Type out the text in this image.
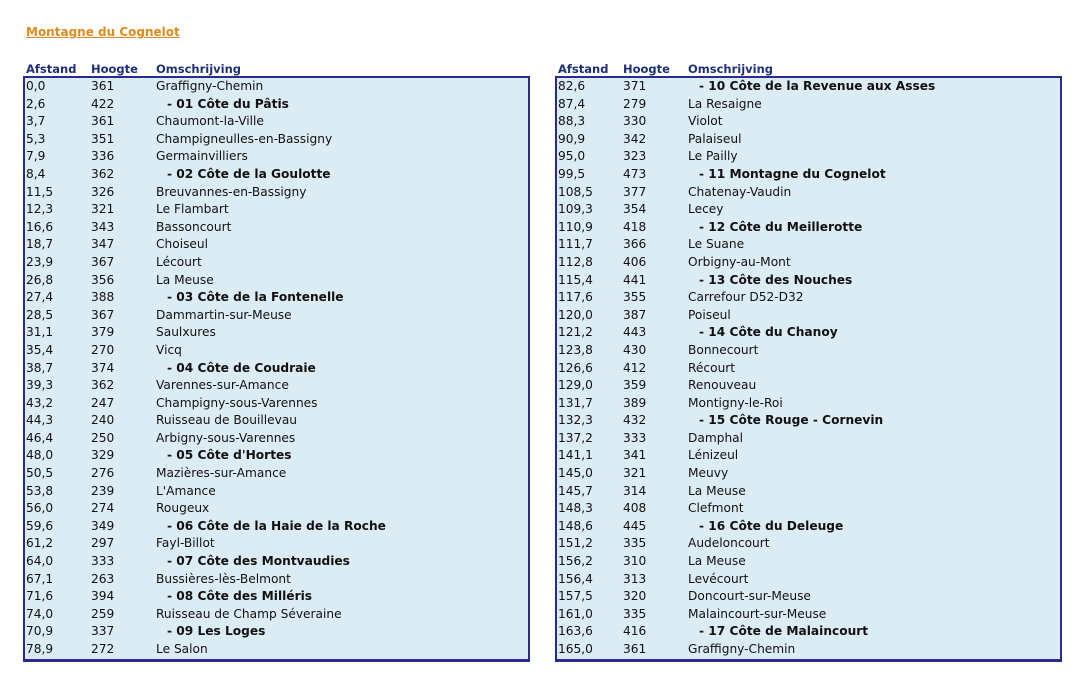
Montagne du Cognelot
Afstand Hoogte Omschrijving
0,0	361	Graffigny-Chemin
2,6	422	- 01 Côte du Pâtis
3,7	361	Chaumont-la-Ville
5,3	351	Champigneulles-en-Bassigny
7,9	336	Germainvilliers
8,4	362	- 02 Côte de la Goulotte
11,5	326	Breuvannes-en-Bassigny
12,3	321	Le Flambart
16,6	343	Bassoncourt
18,7	347	Choiseul
23,9	367	Lécourt
26,8	356	La Meuse
27,4	388	- 03 Côte de la Fontenelle
28,5	367	Dammartin-sur-Meuse
31,1	379	Saulxures
35,4	270	Vicq
38,7	374	- 04 Côte de Coudraie
39,3	362	Varennes-sur-Amance
43,2	247	Champigny-sous-Varennes
44,3	240	Ruisseau de Bouillevau
46,4	250	Arbigny-sous-Varennes
48,0	329	- 05 Côte d'Hortes
50,5	276	Mazières-sur-Amance
53,8	239	L'Amance
56,0	274	Rougeux
59,6	349	- 06 Côte de la Haie de la Roche
61,2	297	Fayl-Billot
64,0	333	- 07 Côte des Montvaudies
67,1	263	Bussières-lès-Belmont
71,6	394	- 08 Côte des Milléris
74,0	259	Ruisseau de Champ Séveraine
70,9	337	- 09 Les Loges
78,9	272	Le Salon
Afstand Hoogte Omschrijving
82,6	371	- 10 Côte de la Revenue aux Asses
87,4	279	La Resaigne
88,3	330	Violot
90,9	342	Palaiseul
95,0	323	Le Pailly
99,5	473	- 11 Montagne du Cognelot
108,5 377	Chatenay-Vaudin
109,3 354	Lecey
110,9 418	- 12 Côte du Meillerotte
111,7 366	Le Suane
112,8 406	Orbigny-au-Mont
115,4 441	- 13 Côte des Nouches
117,6 355	Carrefour D52-D32
120,0 387	Poiseul
121,2 443	- 14 Côte du Chanoy
123,8 430	Bonnecourt
126,6 412	Récourt
129,0 359	Renouveau
131,7 389	Montigny-le-Roi
132,3 432	- 15 Côte Rouge - Cornevin
137,2 333	Damphal
141,1 341	Lénizeul
145,0 321	Meuvy
145,7 314	La Meuse
148,3 408	Clefmont
148,6 445	- 16 Côte du Deleuge
151,2 335	Audeloncourt
156,2 310	La Meuse
156,4 313	Levécourt
157,5 320	Doncourt-sur-Meuse
161,0 335	Malaincourt-sur-Meuse
163,6 416	- 17 Côte de Malaincourt
165,0 361	Graffigny-Chemin
